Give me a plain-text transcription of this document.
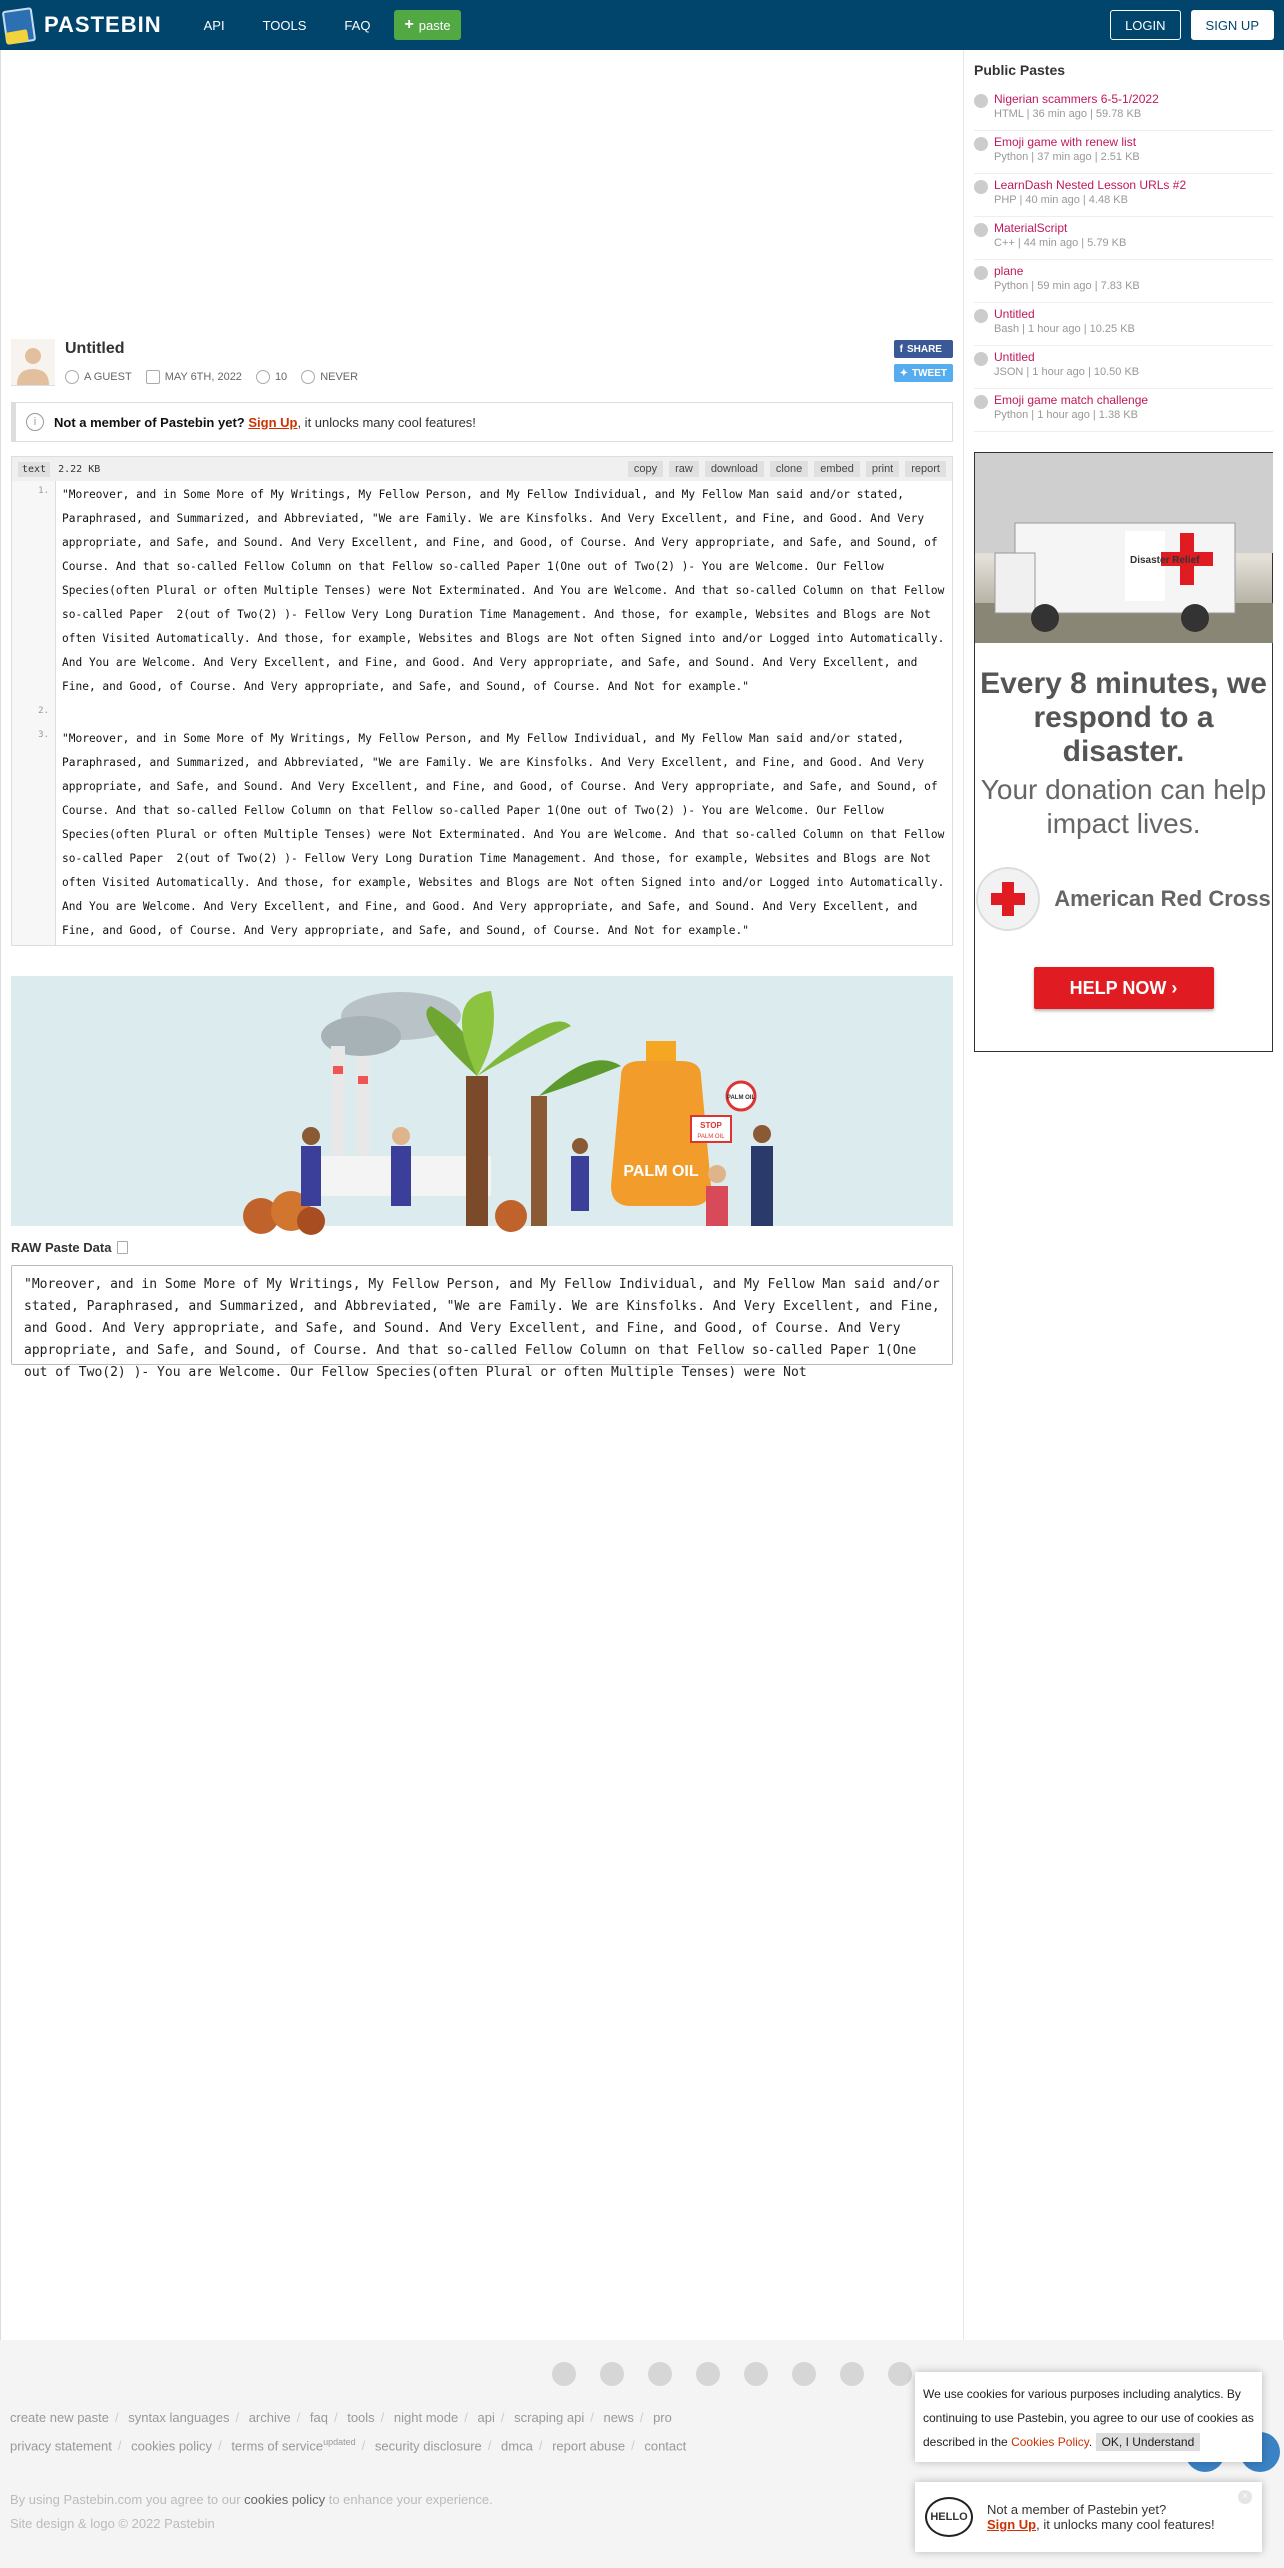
PASTEBIN	API	TOOLS	FAQ + paste	LOGIN	SIGN UP
Untitled
A GUEST	MAY 6TH, 2022	10	NEVER
f SHARE
✦ TWEET
i	Not a member of Pastebin yet?
Sign Up , it unlocks many cool features!
text	2.22 KB	copy	raw	download	clone	embed	print	report
1.	"Moreover, and in Some More of My Writings, My Fellow Person, and My Fellow Individual, and My Fellow Man said and/or stated, Paraphrased, and Summarized, and Abbreviated, "We are Family. We are Kinsfolks. And Very Excellent, and Fine, and Good. And Very appropriate, and Safe, and Sound. And Very Excellent, and Fine, and Good, of Course. And Very appropriate, and Safe, and Sound, of Course. And that so-called Fellow Column on that Fellow so-called Paper 1(One out of Two(2) )- You are Welcome. Our Fellow Species(often Plural or often Multiple Tenses) were Not Exterminated. And You are Welcome. And that so-called Column on that Fellow so-called Paper  2(out of Two(2) )- Fellow Very Long Duration Time Management. And those, for example, Websites and Blogs are Not often Visited Automatically. And those, for example, Websites and Blogs are Not often Signed into and/or Logged into Automatically. And You are Welcome. And Very Excellent, and Fine, and Good. And Very appropriate, and Safe, and Sound. And Very Excellent, and Fine, and Good, of Course. And Very appropriate, and Safe, and Sound, of Course. And Not for example."
2.
3.	"Moreover, and in Some More of My Writings, My Fellow Person, and My Fellow Individual, and My Fellow Man said and/or stated, Paraphrased, and Summarized, and Abbreviated, "We are Family. We are Kinsfolks. And Very Excellent, and Fine, and Good. And Very appropriate, and Safe, and Sound. And Very Excellent, and Fine, and Good, of Course. And Very appropriate, and Safe, and Sound, of Course. And that so-called Fellow Column on that Fellow so-called Paper 1(One out of Two(2) )- You are Welcome. Our Fellow Species(often Plural or often Multiple Tenses) were Not Exterminated. And You are Welcome. And that so-called Column on that Fellow so-called Paper  2(out of Two(2) )- Fellow Very Long Duration Time Management. And those, for example, Websites and Blogs are Not often Visited Automatically. And those, for example, Websites and Blogs are Not often Signed into and/or Logged into Automatically. And You are Welcome. And Very Excellent, and Fine, and Good. And Very appropriate, and Safe, and Sound. And Very Excellent, and Fine, and Good, of Course. And Very appropriate, and Safe, and Sound, of Course. And Not for example."
PALM OIL
STOP
PALM OIL
PALM OIL
RAW Paste Data
"Moreover, and in Some More of My Writings, My Fellow Person, and My Fellow Individual, and My Fellow Man said and/or stated, Paraphrased, and Summarized, and Abbreviated, "We are Family. We are Kinsfolks. And Very Excellent, and Fine, and Good. And Very appropriate, and Safe, and Sound. And Very Excellent, and Fine, and Good, of Course. And Very appropriate, and Safe, and Sound, of Course. And that so-called Fellow Column on that Fellow so-called Paper 1(One out of Two(2) )- You are Welcome. Our Fellow Species(often Plural or often Multiple Tenses) were Not
Public Pastes
Nigerian scammers 6-5-1/2022
HTML | 36 min ago | 59.78 KB
Emoji game with renew list
Python | 37 min ago | 2.51 KB
LearnDash Nested Lesson URLs #2
PHP | 40 min ago | 4.48 KB
MaterialScript
C++ | 44 min ago | 5.79 KB
plane
Python | 59 min ago | 7.83 KB
Untitled
Bash | 1 hour ago | 10.25 KB
Untitled
JSON | 1 hour ago | 10.50 KB
Emoji game match challenge
Python | 1 hour ago | 1.38 KB
Disaster Relief
Every 8 minutes, we respond to a disaster.
Your donation can help impact lives.
American Red Cross
HELP NOW ›
create new paste / syntax languages / archive / faq / tools / night mode / api / scraping api / news / pro
privacy statement / cookies policy / terms of service$^{updated}$ / security disclosure / dmca / report abuse / contact
By using Pastebin.com you agree to our cookies policy to enhance your experience.
Site design & logo © 2022 Pastebin
We use cookies for various purposes including analytics. By continuing to use Pastebin, you agree to our use of cookies as described in the Cookies Policy. OK, I Understand
HELLO	Not a member of Pastebin yet?
Sign Up, it unlocks many cool features!
×
